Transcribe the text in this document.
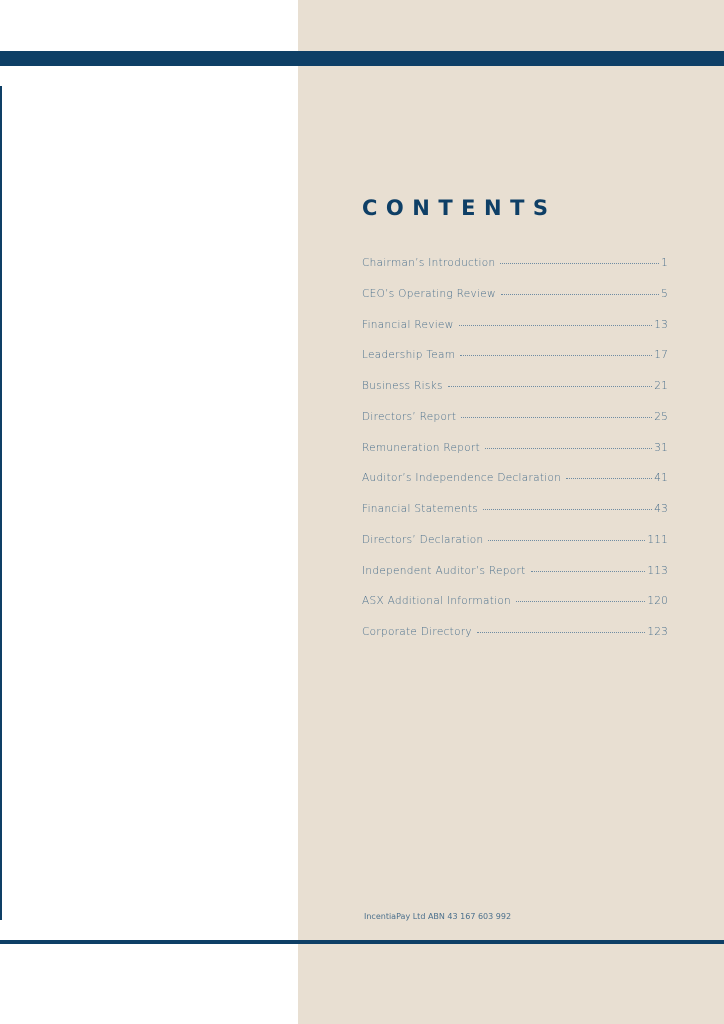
CONTENTS
Chairman’s Introduction	1
CEO’s Operating Review	5
Financial Review	13
Leadership Team	17
Business Risks	21
Directors’ Report	25
Remuneration Report	31
Auditor’s Independence Declaration	41
Financial Statements	43
Directors’ Declaration	111
Independent Auditor’s Report	113
ASX Additional Information	120
Corporate Directory	123
IncentiaPay Ltd ABN 43 167 603 992
